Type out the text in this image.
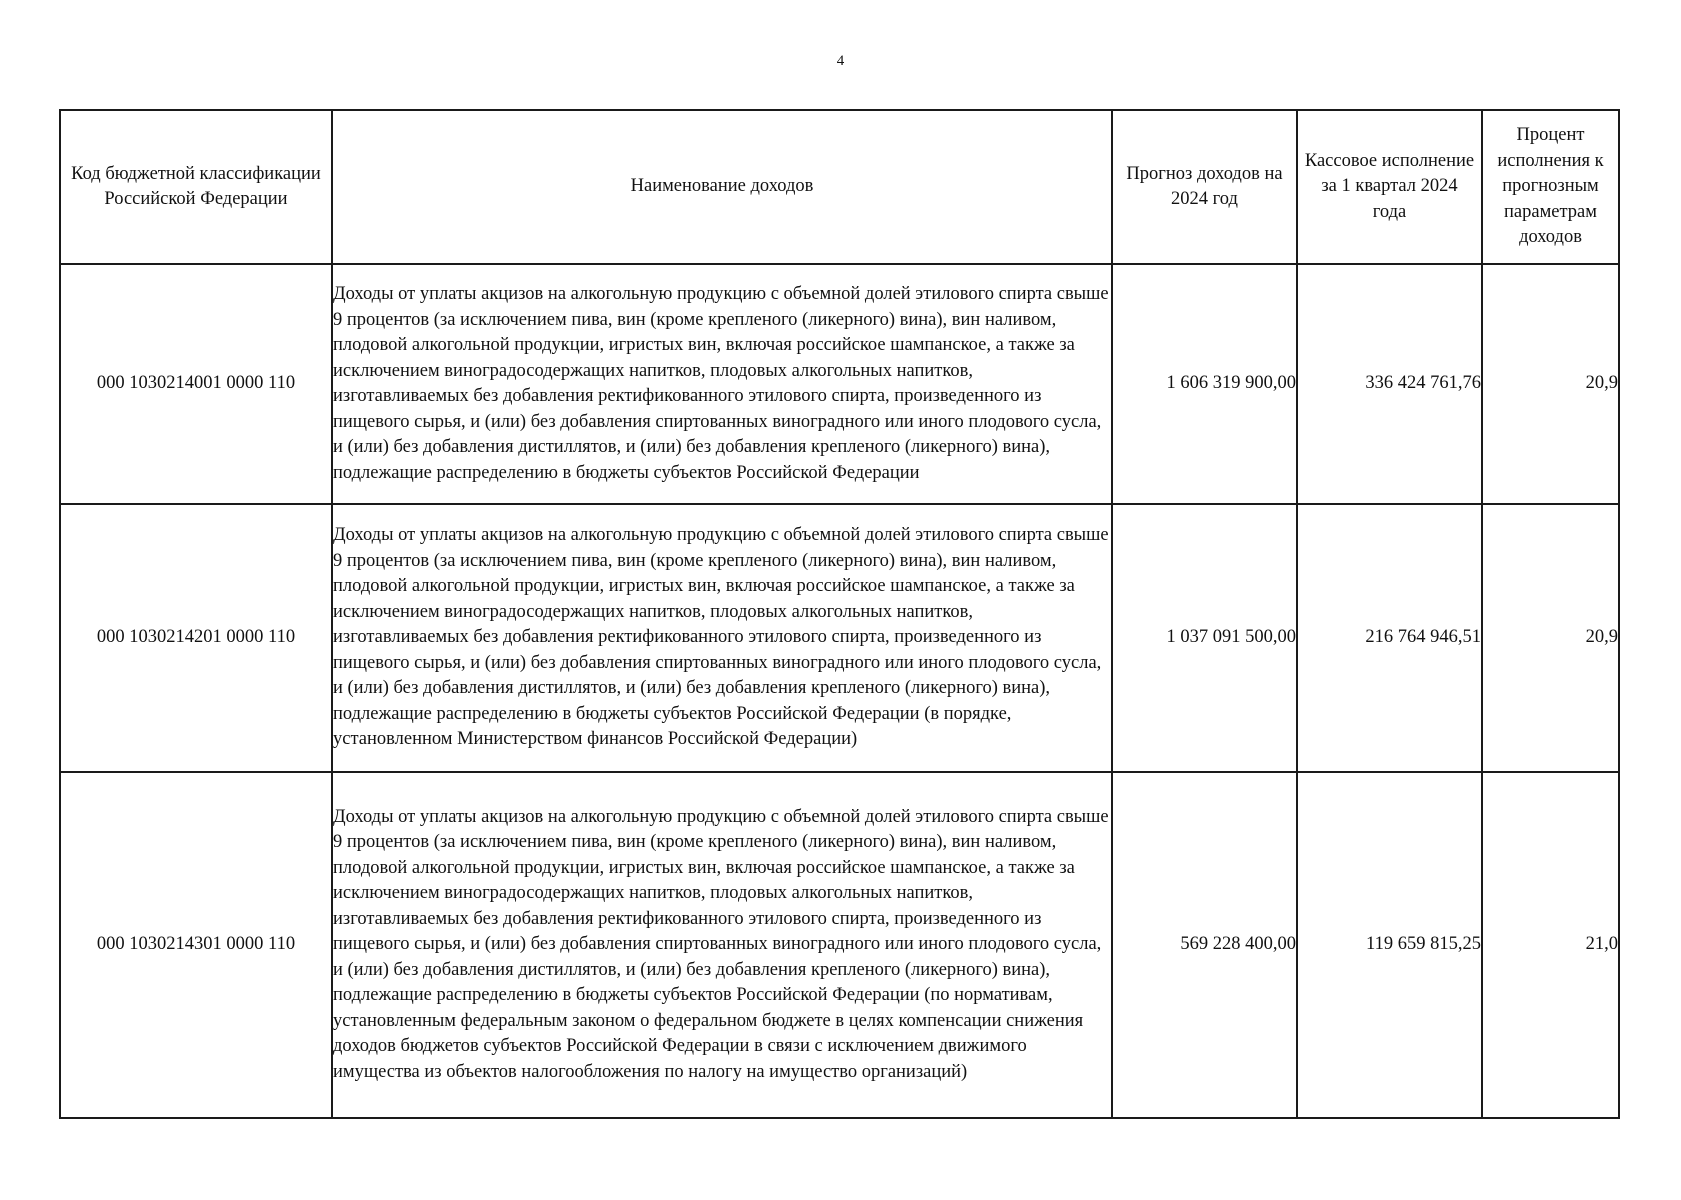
4
Код бюджетной классификации Российской Федерации	Наименование доходов	Прогноз доходов на 2024 год	Кассовое исполнение за 1 квартал 2024 года	Процент исполнения к прогнозным параметрам доходов
000 1030214001 0000 110	Доходы от уплаты акцизов на алкогольную продукцию с объемной долей этилового спирта свыше 9 процентов (за исключением пива, вин (кроме крепленого (ликерного) вина), вин наливом, плодовой алкогольной продукции, игристых вин, включая российское шампанское, а также за исключением виноградосодержащих напитков, плодовых алкогольных напитков, изготавливаемых без добавления ректификованного этилового спирта, произведенного из пищевого сырья, и (или) без добавления спиртованных виноградного или иного плодового сусла, и (или) без добавления дистиллятов, и (или) без добавления крепленого (ликерного) вина), подлежащие распределению в бюджеты субъектов Российской Федерации	1 606 319 900,00	336 424 761,76	20,9
000 1030214201 0000 110	Доходы от уплаты акцизов на алкогольную продукцию с объемной долей этилового спирта свыше 9 процентов (за исключением пива, вин (кроме крепленого (ликерного) вина), вин наливом, плодовой алкогольной продукции, игристых вин, включая российское шампанское, а также за исключением виноградосодержащих напитков, плодовых алкогольных напитков, изготавливаемых без добавления ректификованного этилового спирта, произведенного из пищевого сырья, и (или) без добавления спиртованных виноградного или иного плодового сусла, и (или) без добавления дистиллятов, и (или) без добавления крепленого (ликерного) вина), подлежащие распределению в бюджеты субъектов Российской Федерации (в порядке, установленном Министерством финансов Российской Федерации)	1 037 091 500,00	216 764 946,51	20,9
000 1030214301 0000 110	Доходы от уплаты акцизов на алкогольную продукцию с объемной долей этилового спирта свыше 9 процентов (за исключением пива, вин (кроме крепленого (ликерного) вина), вин наливом, плодовой алкогольной продукции, игристых вин, включая российское шампанское, а также за исключением виноградосодержащих напитков, плодовых алкогольных напитков, изготавливаемых без добавления ректификованного этилового спирта, произведенного из пищевого сырья, и (или) без добавления спиртованных виноградного или иного плодового сусла, и (или) без добавления дистиллятов, и (или) без добавления крепленого (ликерного) вина), подлежащие распределению в бюджеты субъектов Российской Федерации (по нормативам, установленным федеральным законом о федеральном бюджете в целях компенсации снижения доходов бюджетов субъектов Российской Федерации в связи с исключением движимого имущества из объектов налогообложения по налогу на имущество организаций)	569 228 400,00	119 659 815,25	21,0
